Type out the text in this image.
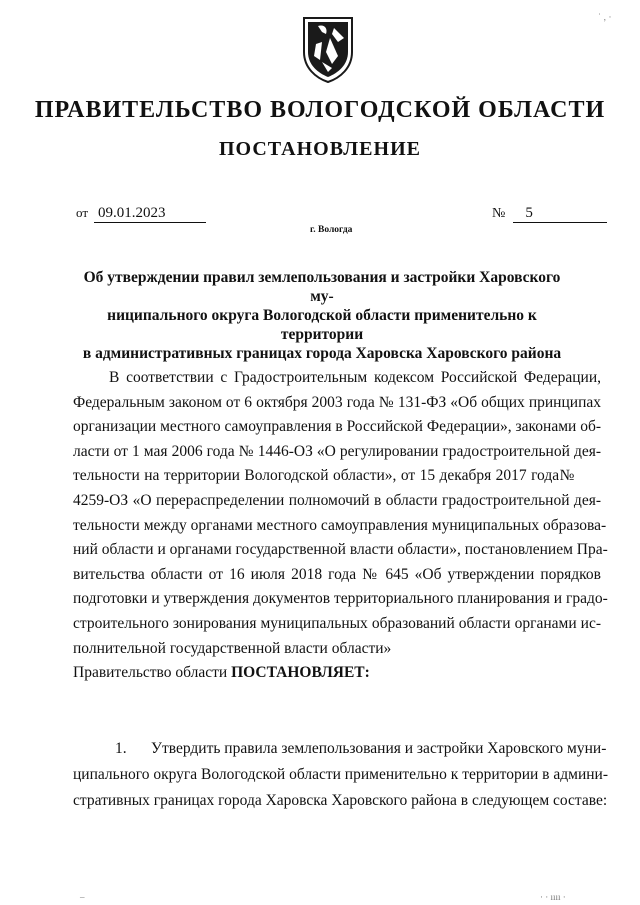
ПРАВИТЕЛЬСТВО ВОЛОГОДСКОЙ ОБЛАСТИ
ПОСТАНОВЛЕНИЕ
от 09.01.2023	№ 5
г. Вологда
Об утверждении правил землепользования и застройки Харовского му-
ниципального округа Вологодской области применительно к территории
в административных границах города Харовска Харовского района
В соответствии с Градостроительным кодексом Российской Федерации,
Федеральным законом от 6 октября 2003 года № 131-ФЗ «Об общих принципах
организации местного самоуправления в Российской Федерации», законами об-
ласти от 1 мая 2006 года № 1446-ОЗ «О регулировании градостроительной дея-
тельности на территории Вологодской области», от 15 декабря 2017 года№
4259-ОЗ «О перераспределении полномочий в области градостроительной дея-
тельности между органами местного самоуправления муниципальных образова-
ний области и органами государственной власти области», постановлением Пра-
вительства области от 16 июля 2018 года № 645 «Об утверждении порядков
подготовки и утверждения документов территориального планирования и градо-
строительного зонирования муниципальных образований области органами ис-
полнительной государственной власти области»
Правительство области ПОСТАНОВЛЯЕТ:
1. Утвердить правила землепользования и застройки Харовского муни-
ципального округа Вологодской области применительно к территории в админи-
стративных границах города Харовска Харовского района в следующем составе:
˙ ‚ ·
–	· · ıııı ·
